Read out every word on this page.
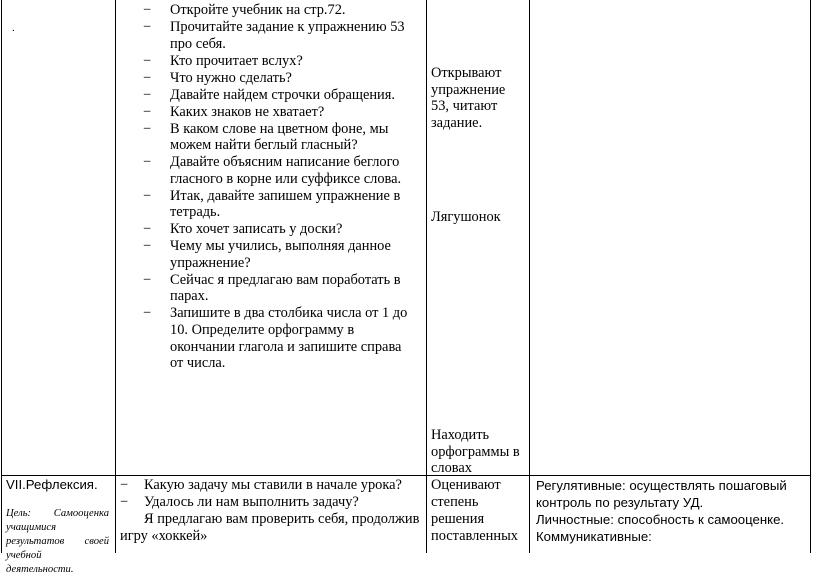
.
− Откройте учебник на стр.72.
− Прочитайте задание к упражнению 53 про себя.
− Кто прочитает вслух?
− Что нужно сделать?
− Давайте найдем строчки обращения.
− Каких знаков не хватает?
− В каком слове на цветном фоне, мы можем найти беглый гласный?
− Давайте объясним написание беглого гласного в корне или суффиксе слова.
− Итак, давайте запишем упражнение в тетрадь.
− Кто хочет записать у доски?
− Чему мы учились, выполняя данное упражнение?
− Сейчас я предлагаю вам поработать в парах.
− Запишите в два столбика числа от 1 до 10. Определите орфограмму в окончании глагола и запишите справа от числа.
Открывают упражнение 53, читают задание.
Лягушонок
Находить орфограммы в словах
VII.Рефлексия.
Цель: Самооценка учащимися результатов своей учебной деятельности.
− Какую задачу мы ставили в начале урока?
− Удалось ли нам выполнить задачу?
− Я предлагаю вам проверить себя, продолжив игру «хоккей»
Оценивают степень решения поставленных
Регулятивные: осуществлять пошаговый контроль по результату УД.
Личностные: способность к самооценке.
Коммуникативные:
